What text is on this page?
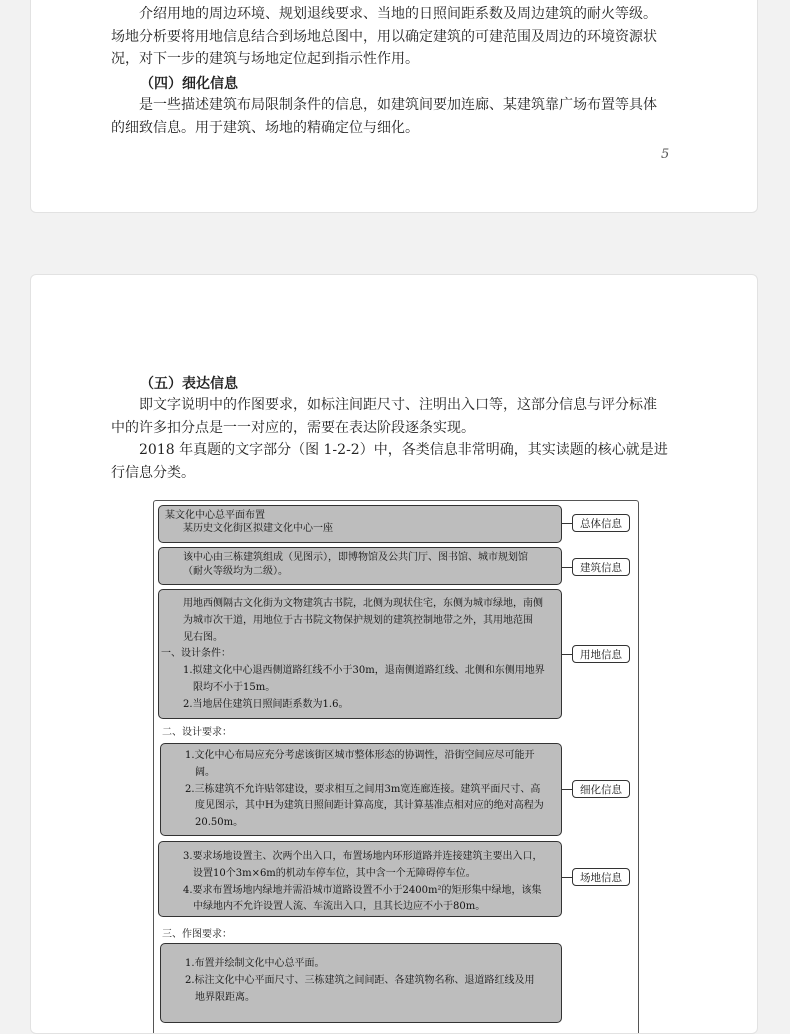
介绍用地的周边环境、规划退线要求、当地的日照间距系数及周边建筑的耐火等级。
场地分析要将用地信息结合到场地总图中，用以确定建筑的可建范围及周边的环境资源状
况，对下一步的建筑与场地定位起到指示性作用。

（四）细化信息

是一些描述建筑布局限制条件的信息，如建筑间要加连廊、某建筑靠广场布置等具体
的细致信息。用于建筑、场地的精确定位与细化。

5

（五）表达信息

即文字说明中的作图要求，如标注间距尺寸、注明出入口等，这部分信息与评分标准
中的许多扣分点是一一对应的，需要在表达阶段逐条实现。

2018 年真题的文字部分（图 1-2-2）中，各类信息非常明确，其实读题的核心就是进
行信息分类。

某文化中心总平面布置

某历史文化街区拟建文化中心一座

该中心由三栋建筑组成（见图示），即博物馆及公共门厅、图书馆、城市规划馆

（耐火等级均为二级）。

用地西侧隔古文化街为文物建筑古书院，北侧为现状住宅，东侧为城市绿地，南侧

为城市次干道，用地位于古书院文物保护规划的建筑控制地带之外，其用地范围

见右图。

一、设计条件：

1.拟建文化中心退西侧道路红线不小于30m，退南侧道路红线、北侧和东侧用地界

限均不小于15m。

2.当地居住建筑日照间距系数为1.6。

二、设计要求：

1.文化中心布局应充分考虑该街区城市整体形态的协调性，沿街空间应尽可能开

阔。

2.三栋建筑不允许贴邻建设，要求相互之间用3m宽连廊连接。建筑平面尺寸、高

度见图示，其中H为建筑日照间距计算高度，其计算基准点相对应的绝对高程为

20.50m。

3.要求场地设置主、次两个出入口，布置场地内环形道路并连接建筑主要出入口，

设置10个3m×6m的机动车停车位，其中含一个无障碍停车位。

4.要求布置场地内绿地并需沿城市道路设置不小于2400m²的矩形集中绿地，该集

中绿地内不允许设置人流、车流出入口，且其长边应不小于80m。

三、作图要求：

1.布置并绘制文化中心总平面。

2.标注文化中心平面尺寸、三栋建筑之间间距、各建筑物名称、退道路红线及用

地界限距离。

总体信息
建筑信息
用地信息
细化信息
场地信息
